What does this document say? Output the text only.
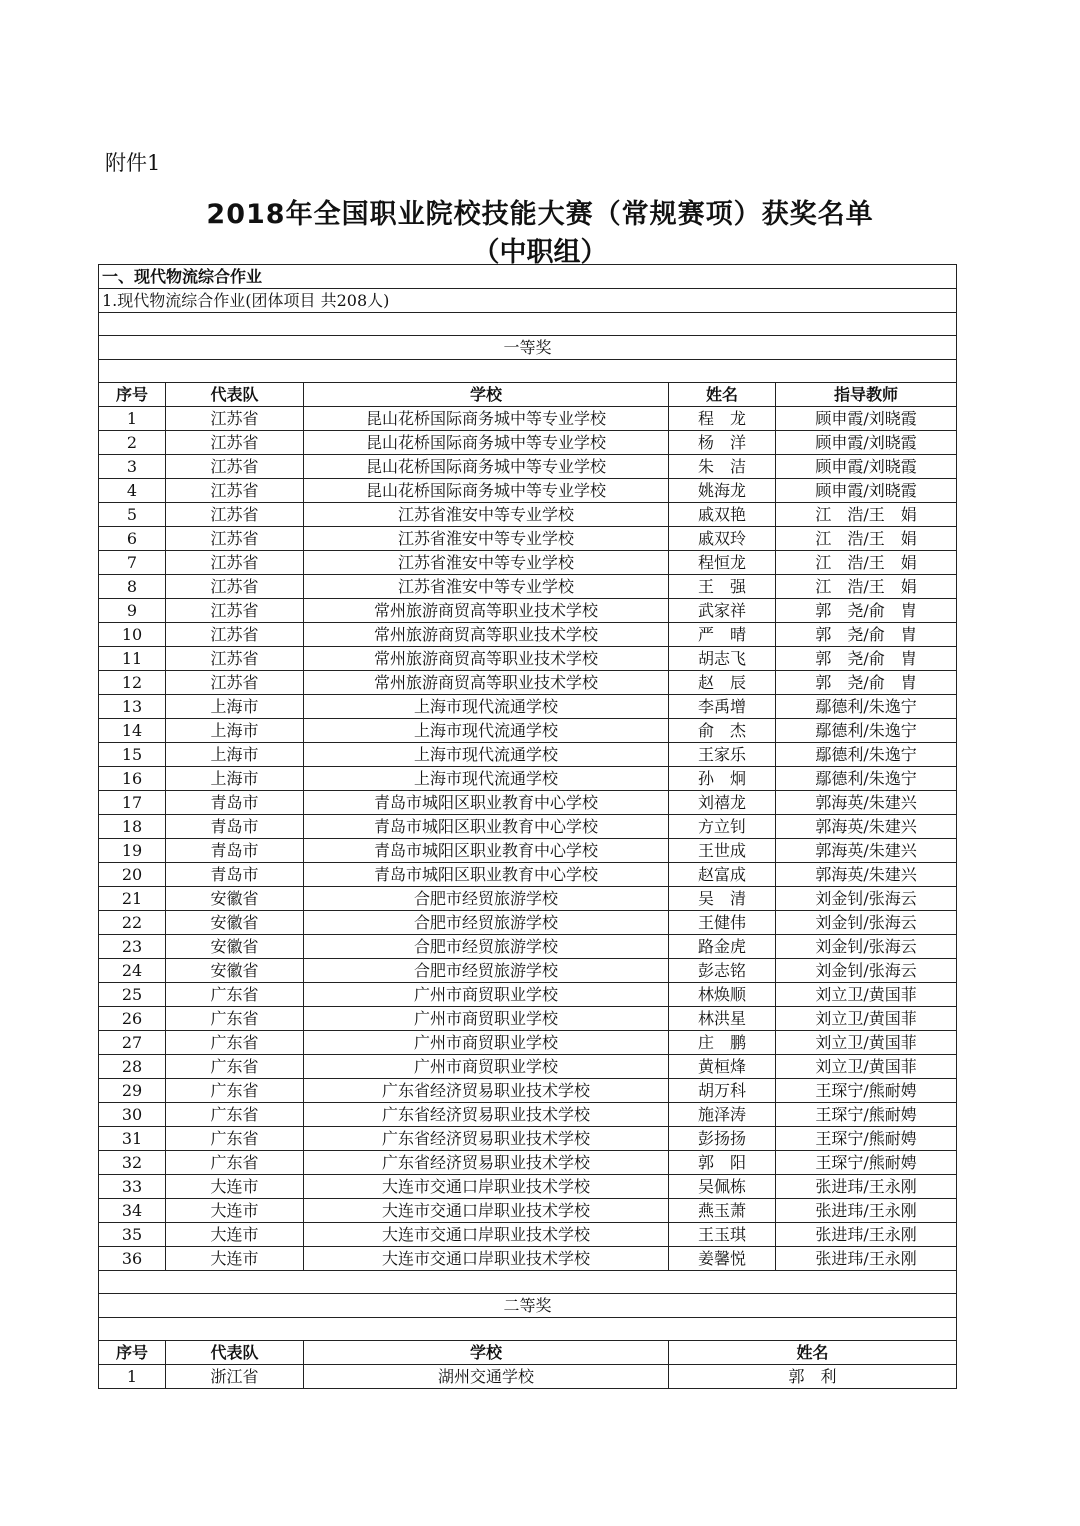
附件1
2018年全国职业院校技能大赛（常规赛项）获奖名单
（中职组）
一、现代物流综合作业				
1.现代物流综合作业(团体项目 共208人)				

一等奖				

序号	代表队	学校	姓名	指导教师
1	江苏省	昆山花桥国际商务城中等专业学校	程　龙	顾申霞/刘晓霞
2	江苏省	昆山花桥国际商务城中等专业学校	杨　洋	顾申霞/刘晓霞
3	江苏省	昆山花桥国际商务城中等专业学校	朱　洁	顾申霞/刘晓霞
4	江苏省	昆山花桥国际商务城中等专业学校	姚海龙	顾申霞/刘晓霞
5	江苏省	江苏省淮安中等专业学校	戚双艳	江　浩/王　娟
6	江苏省	江苏省淮安中等专业学校	戚双玲	江　浩/王　娟
7	江苏省	江苏省淮安中等专业学校	程恒龙	江　浩/王　娟
8	江苏省	江苏省淮安中等专业学校	王　强	江　浩/王　娟
9	江苏省	常州旅游商贸高等职业技术学校	武家祥	郭　尧/俞　胄
10	江苏省	常州旅游商贸高等职业技术学校	严　晴	郭　尧/俞　胄
11	江苏省	常州旅游商贸高等职业技术学校	胡志飞	郭　尧/俞　胄
12	江苏省	常州旅游商贸高等职业技术学校	赵　辰	郭　尧/俞　胄
13	上海市	上海市现代流通学校	李禹增	鄢德利/朱逸宁
14	上海市	上海市现代流通学校	俞　杰	鄢德利/朱逸宁
15	上海市	上海市现代流通学校	王家乐	鄢德利/朱逸宁
16	上海市	上海市现代流通学校	孙　炯	鄢德利/朱逸宁
17	青岛市	青岛市城阳区职业教育中心学校	刘禧龙	郭海英/朱建兴
18	青岛市	青岛市城阳区职业教育中心学校	方立钊	郭海英/朱建兴
19	青岛市	青岛市城阳区职业教育中心学校	王世成	郭海英/朱建兴
20	青岛市	青岛市城阳区职业教育中心学校	赵富成	郭海英/朱建兴
21	安徽省	合肥市经贸旅游学校	吴　清	刘金钊/张海云
22	安徽省	合肥市经贸旅游学校	王健伟	刘金钊/张海云
23	安徽省	合肥市经贸旅游学校	路金虎	刘金钊/张海云
24	安徽省	合肥市经贸旅游学校	彭志铭	刘金钊/张海云
25	广东省	广州市商贸职业学校	林焕顺	刘立卫/黄国菲
26	广东省	广州市商贸职业学校	林洪星	刘立卫/黄国菲
27	广东省	广州市商贸职业学校	庄　鹏	刘立卫/黄国菲
28	广东省	广州市商贸职业学校	黄桓烽	刘立卫/黄国菲
29	广东省	广东省经济贸易职业技术学校	胡万科	王琛宁/熊耐娉
30	广东省	广东省经济贸易职业技术学校	施泽涛	王琛宁/熊耐娉
31	广东省	广东省经济贸易职业技术学校	彭扬扬	王琛宁/熊耐娉
32	广东省	广东省经济贸易职业技术学校	郭　阳	王琛宁/熊耐娉
33	大连市	大连市交通口岸职业技术学校	吴佩栋	张进玮/王永刚
34	大连市	大连市交通口岸职业技术学校	燕玉萧	张进玮/王永刚
35	大连市	大连市交通口岸职业技术学校	王玉琪	张进玮/王永刚
36	大连市	大连市交通口岸职业技术学校	姜馨悦	张进玮/王永刚

二等奖				

序号	代表队	学校	姓名	
1	浙江省	湖州交通学校	郭　利	
